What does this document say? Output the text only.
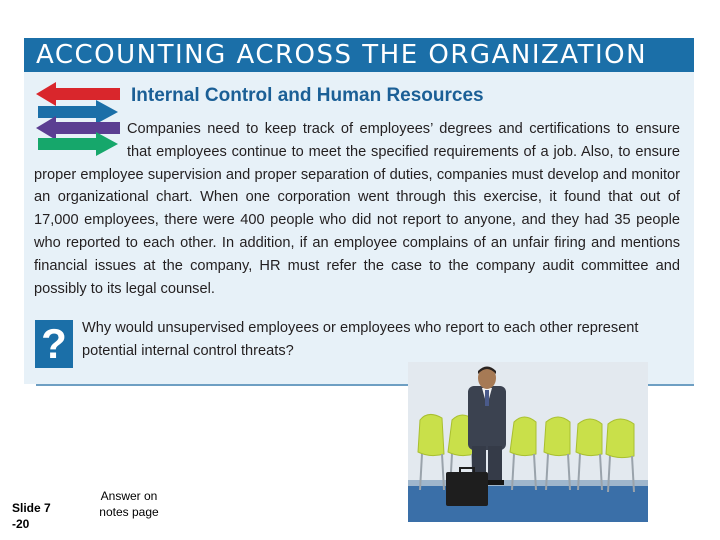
ACCOUNTING ACROSS THE ORGANIZATION
Internal Control and Human Resources

Companies need to keep track of employees’ degrees and certifications to ensure that employees continue to meet the specified requirements of a job. Also, to ensure proper employee supervision and proper separation of duties, companies must develop and monitor an organizational chart. When one corporation went through this exercise, it found that out of 17,000 employees, there were 400 people who did not report to anyone, and they had 35 people who reported to each other. In addition, if an employee complains of an unfair firing and mentions financial issues at the company, HR must refer the case to the company audit committee and possibly to its legal counsel.

?	Why would unsupervised employees or employees who report to each other represent potential internal control threats?

Slide 7
-20
Answer on
notes page
